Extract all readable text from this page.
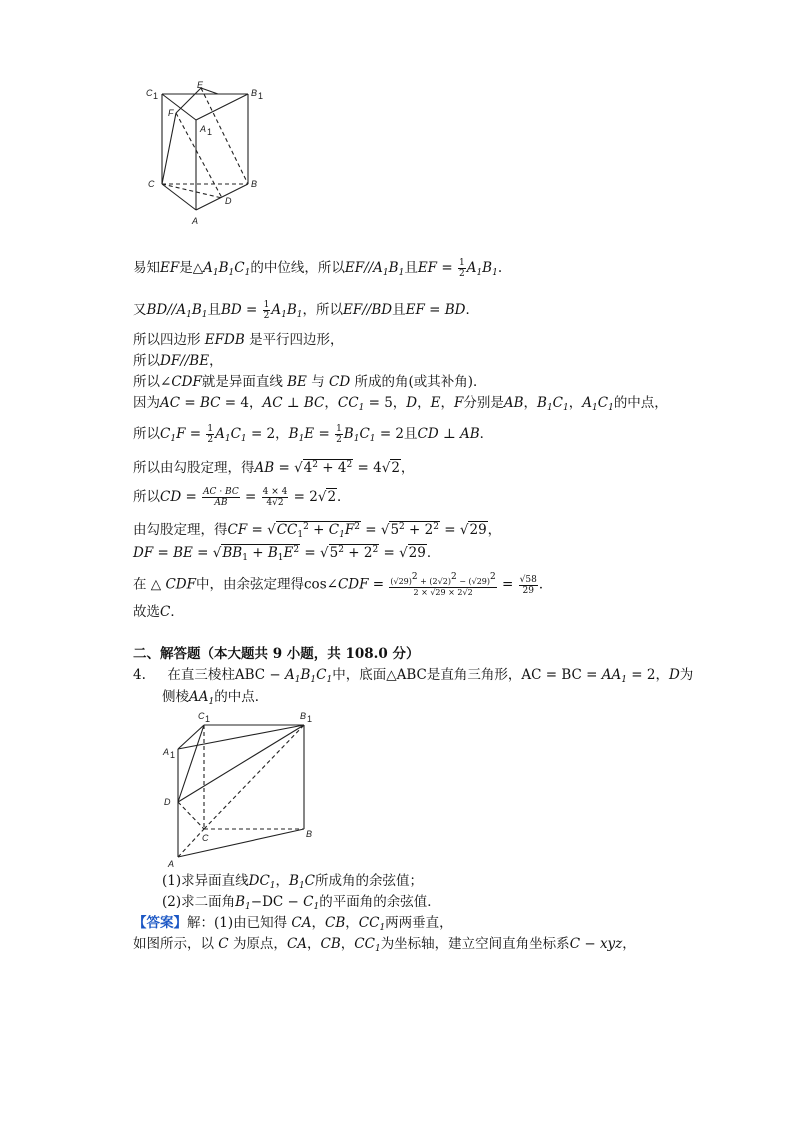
C 1
E
B 1
F
A 1
C	B
D
A
易知EF是$\triangle A_1B_1C_1$的中位线，所以$EF//A_1B_1$且EF = $\frac{1}{2} A_1B_1$.
又$BD//A_1B_1$且BD = $\frac{1}{2} A_1B_1$，所以EF//BD且EF = BD．
所以四边形 EFDB 是平行四边形，
所以DF//BE，
所以∠CDF就是异面直线 BE 与 CD 所成的角(或其补角)．
因为AC = BC = 4，AC ⊥ BC，$CC_1 = 5$，D，E，F分别是AB，$B_1C_1$，$A_1C_1$的中点，
所以$C_1F = \frac{1}{2} A_1C_1 = 2$，$B_1E = \frac{1}{2} B_1C_1 = 2$且CD ⊥ AB．
所以由勾股定理，得AB = $√4^2 + 4^2 = 4√2$，
所以CD = $\frac{AC \cdot BC}{AB} = \frac{4 \times 4}{4√2} = 2√2$．
由勾股定理，得CF = $√CC_1^2 + C_1F^2 = √5^2 + 2^2 = √29$，
DF = BE = $√BB_1 + B_1E^2 = √5^2 + 2^2 = √29$．
在 △ CDF中，由余弦定理得cos∠CDF = $\frac{(√29)^2 + (2√2)^2 - (√29)^2}{2 \times √29 \times 2√2} = \frac{√58}{29}$ ．
故选C．
二、解答题（本大题共 9 小题，共 108.0 分）
4. 在直三棱柱ABC − $A_1B_1C_1$中，底面△ABC是直角三角形，AC = BC = $AA_1 = 2$，D为
侧棱$AA_1$的中点．
C 1	B 1
A 1
D
C	B
A
(1)求异面直线$DC_1$，$B_1C$所成角的余弦值；
(2)求二面角$B_1-DC - C_1$的平面角的余弦值．
【答案】解：(1)由已知得 CA，CB，$CC_1$两两垂直，
如图所示，以 C 为原点，CA，CB，$CC_1$为坐标轴，建立空间直角坐标系C − xyz，
